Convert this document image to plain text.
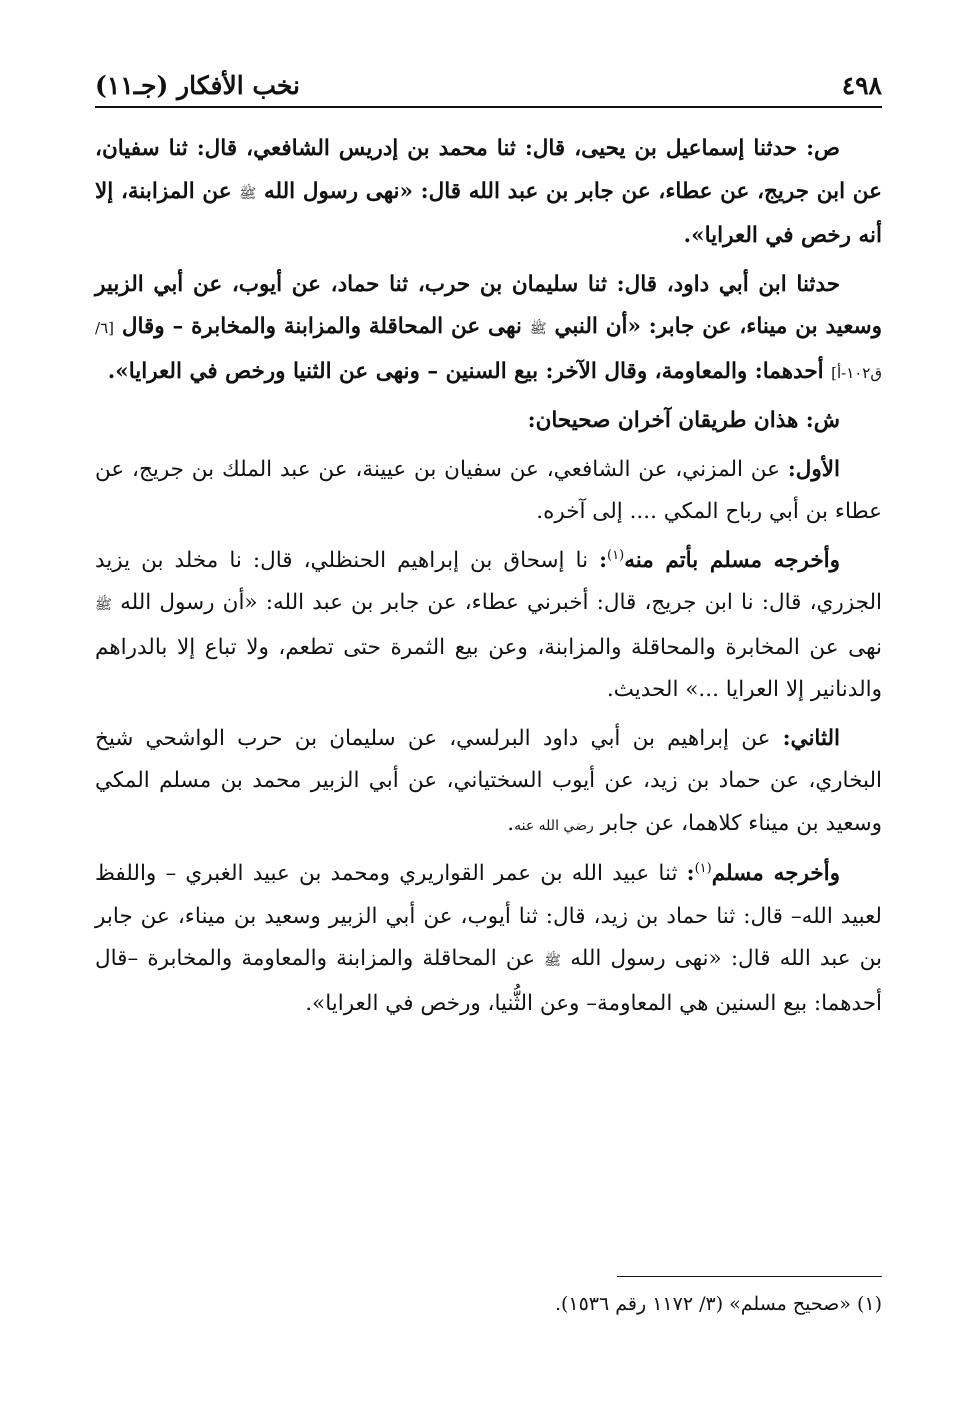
٤٩٨
نخب الأفكار (جـ١١)

ص: حدثنا إسماعيل بن يحيى، قال: ثنا محمد بن إدريس الشافعي، قال: ثنا سفيان، عن ابن جريج، عن عطاء، عن جابر بن عبد الله قال: «نهى رسول الله ﷺ عن المزابنة، إلا أنه رخص في العرايا».

حدثنا ابن أبي داود، قال: ثنا سليمان بن حرب، ثنا حماد، عن أيوب، عن أبي الزبير وسعيد بن ميناء، عن جابر: «أن النبي ﷺ نهى عن المحاقلة والمزابنة والمخابرة – وقال [٦/ق١٠٢-أ] أحدهما: والمعاومة، وقال الآخر: بيع السنين – ونهى عن الثنيا ورخص في العرايا».

ش: هذان طريقان آخران صحيحان:

الأول: عن المزني، عن الشافعي، عن سفيان بن عيينة، عن عبد الملك بن جريج، عن عطاء بن أبي رباح المكي .... إلى آخره.

وأخرجه مسلم بأتم منه$^{(١)}$: نا إسحاق بن إبراهيم الحنظلي، قال: نا مخلد بن يزيد الجزري، قال: نا ابن جريج، قال: أخبرني عطاء، عن جابر بن عبد الله: «أن رسول الله ﷺ نهى عن المخابرة والمحاقلة والمزابنة، وعن بيع الثمرة حتى تطعم، ولا تباع إلا بالدراهم والدنانير إلا العرايا ...» الحديث.

الثاني: عن إبراهيم بن أبي داود البرلسي، عن سليمان بن حرب الواشحي شيخ البخاري، عن حماد بن زيد، عن أيوب السختياني، عن أبي الزبير محمد بن مسلم المكي وسعيد بن ميناء كلاهما، عن جابر رضي الله عنه.

وأخرجه مسلم$^{(١)}$: ثنا عبيد الله بن عمر القواريري ومحمد بن عبيد الغبري – واللفظ لعبيد الله– قال: ثنا حماد بن زيد، قال: ثنا أيوب، عن أبي الزبير وسعيد بن ميناء، عن جابر بن عبد الله قال: «نهى رسول الله ﷺ عن المحاقلة والمزابنة والمعاومة والمخابرة –قال أحدهما: بيع السنين هي المعاومة– وعن الثُّنيا، ورخص في العرايا».

(١) «صحيح مسلم» (٣/ ١١٧٢ رقم ١٥٣٦).
